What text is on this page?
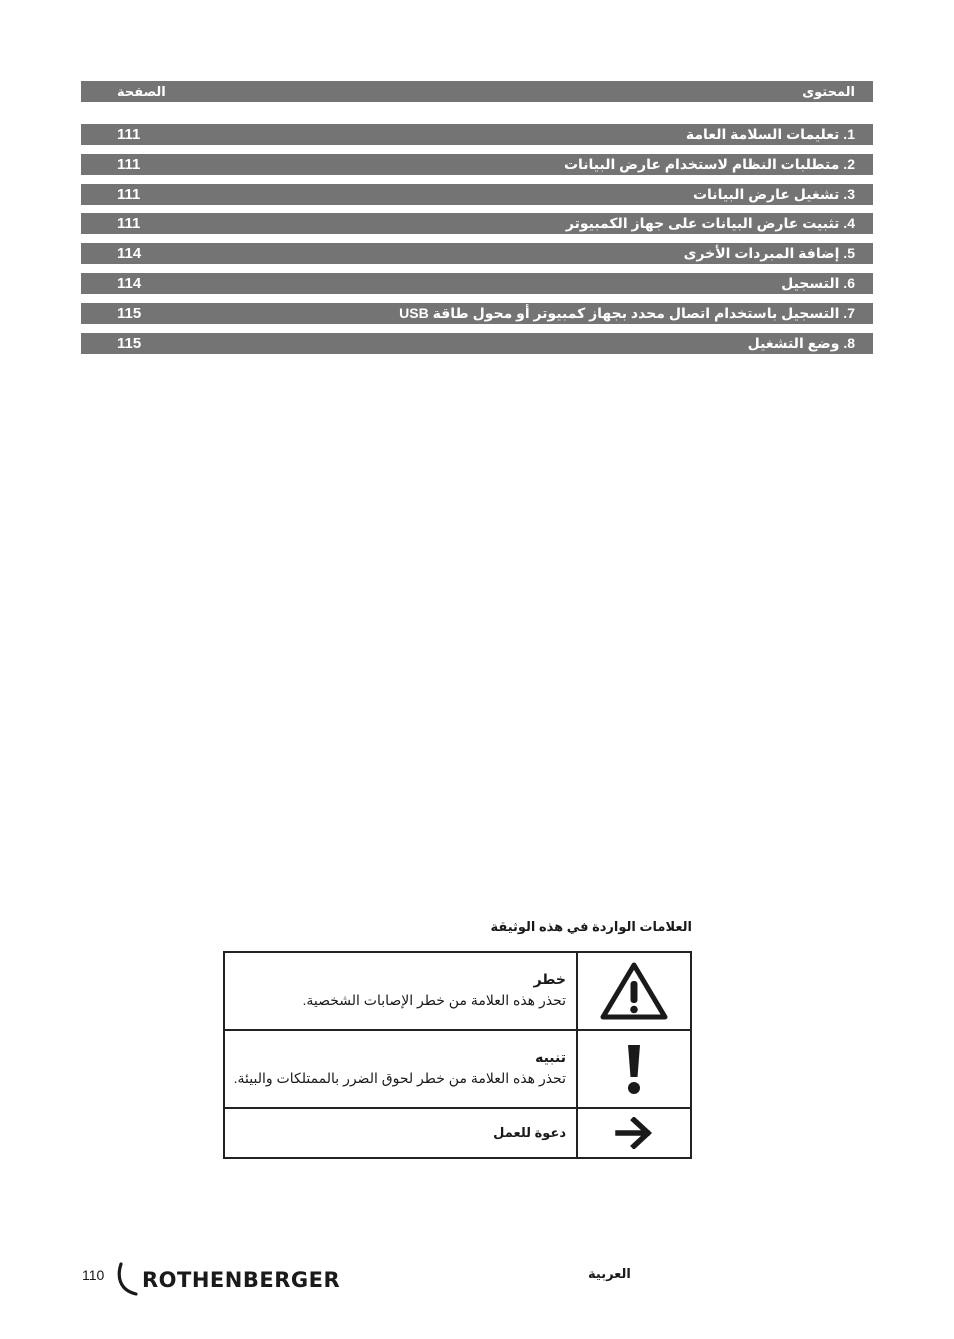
المحتوى
الصفحة
1. تعليمات السلامة العامة
111
2. متطلبات النظام لاستخدام عارض البيانات
111
3. تشغيل عارض البيانات
111
4. تثبيت عارض البيانات على جهاز الكمبيوتر
111
5. إضافة المبردات الأخرى
114
6. التسجيل
114
7. التسجيل باستخدام اتصال محدد بجهاز كمبيوتر أو محول طاقة USB
115
8. وضع التشغيل
115
العلامات الواردة في هذه الوثيقة
خطر
تحذر هذه العلامة من خطر الإصابات الشخصية.
تنبيه
تحذر هذه العلامة من خطر لحوق الضرر بالممتلكات والبيئة.
دعوة للعمل
110 ROTHENBERGER	العربية
